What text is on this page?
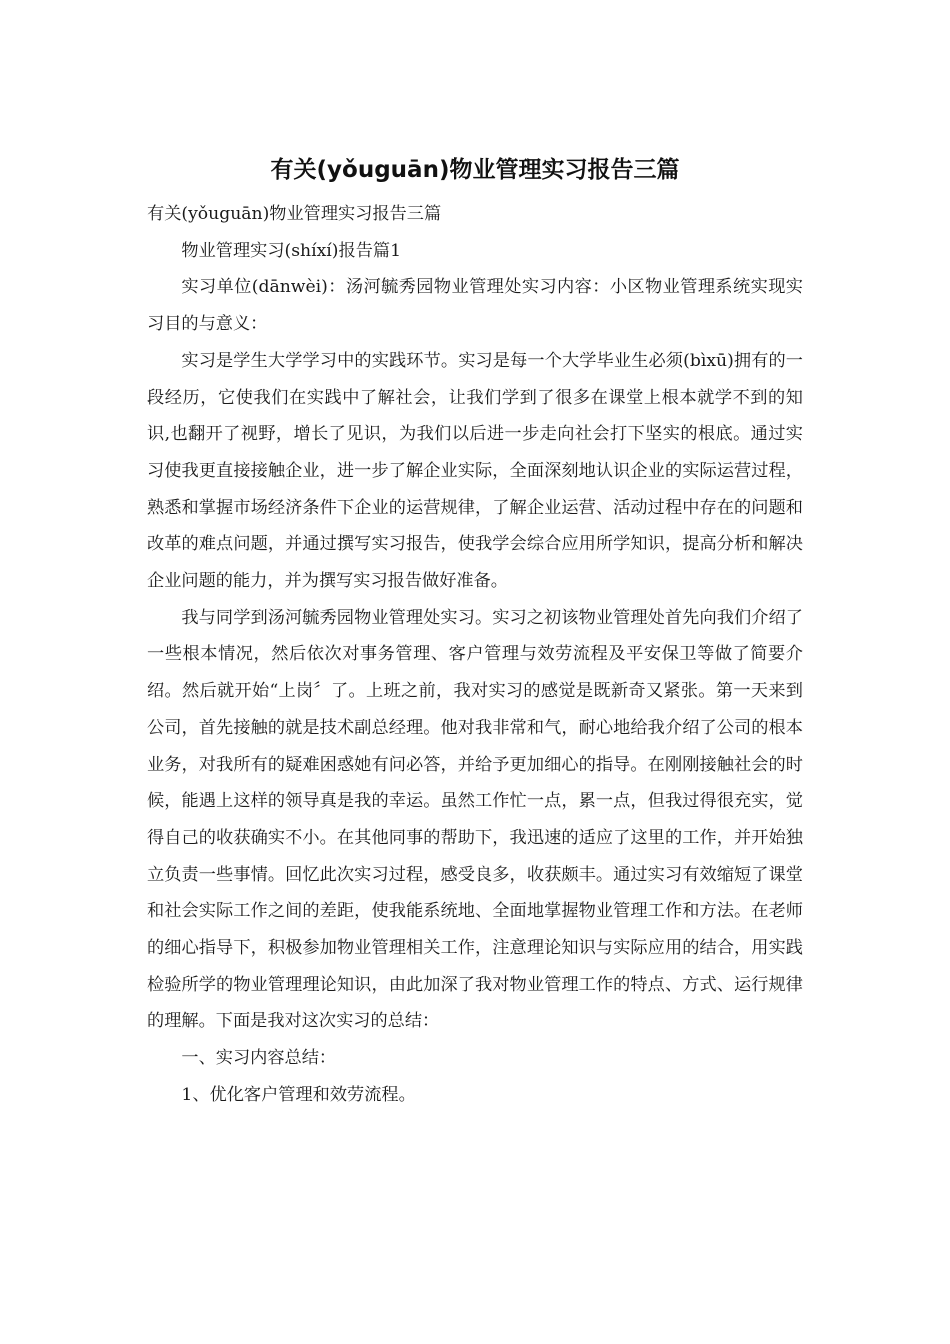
有关(yǒuguān)物业管理实习报告三篇

有关(yǒuguān)物业管理实习报告三篇

物业管理实习(shíxí)报告篇1

实习单位(dānwèi)：汤河毓秀园物业管理处实习内容：小区物业管理系统实现实习目的与意义：

实习是学生大学学习中的实践环节。实习是每一个大学毕业生必须(bìxū)拥有的一段经历，它使我们在实践中了解社会，让我们学到了很多在课堂上根本就学不到的知识,也翻开了视野，增长了见识，为我们以后进一步走向社会打下坚实的根底。通过实习使我更直接接触企业，进一步了解企业实际，全面深刻地认识企业的实际运营过程，熟悉和掌握市场经济条件下企业的运营规律，了解企业运营、活动过程中存在的问题和改革的难点问题，并通过撰写实习报告，使我学会综合应用所学知识，提高分析和解决企业问题的能力，并为撰写实习报告做好准备。

我与同学到汤河毓秀园物业管理处实习。实习之初该物业管理处首先向我们介绍了一些根本情况，然后依次对事务管理、客户管理与效劳流程及平安保卫等做了简要介绍。然后就开始“上岗〞了。上班之前，我对实习的感觉是既新奇又紧张。第一天来到公司，首先接触的就是技术副总经理。他对我非常和气，耐心地给我介绍了公司的根本业务，对我所有的疑难困惑她有问必答，并给予更加细心的指导。在刚刚接触社会的时候，能遇上这样的领导真是我的幸运。虽然工作忙一点，累一点，但我过得很充实，觉得自己的收获确实不小。在其他同事的帮助下，我迅速的适应了这里的工作，并开始独立负责一些事情。回忆此次实习过程，感受良多，收获颇丰。通过实习有效缩短了课堂和社会实际工作之间的差距，使我能系统地、全面地掌握物业管理工作和方法。在老师的细心指导下，积极参加物业管理相关工作，注意理论知识与实际应用的结合，用实践检验所学的物业管理理论知识，由此加深了我对物业管理工作的特点、方式、运行规律的理解。下面是我对这次实习的总结：

一、实习内容总结：

1、优化客户管理和效劳流程。
